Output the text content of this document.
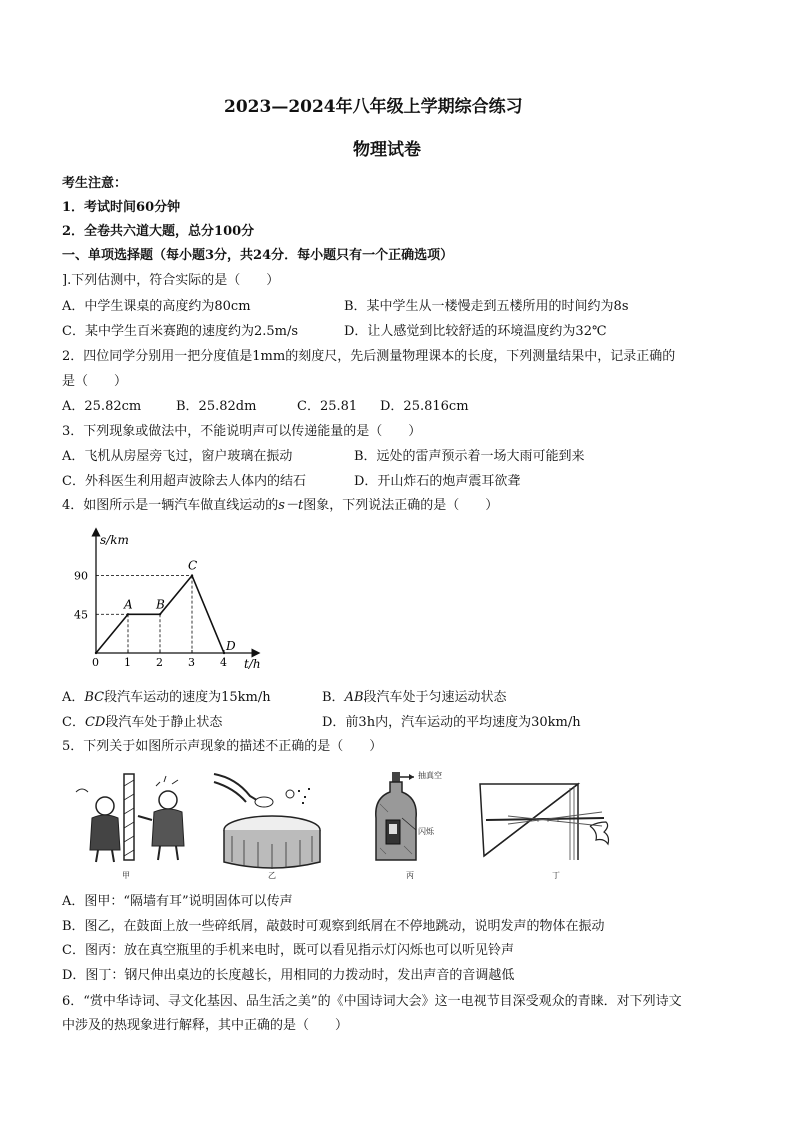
2023—2024年八年级上学期综合练习
物理试卷
考生注意：
1．考试时间60分钟
2．全卷共六道大题，总分100分
一、单项选择题（每小题3分，共24分．每小题只有一个正确选项）
].下列估测中，符合实际的是（　　）
A．中学生课桌的高度约为80cm	B．某中学生从一楼慢走到五楼所用的时间约为8s
C．某中学生百米赛跑的速度约为2.5m/s	D．让人感觉到比较舒适的环境温度约为32℃
2．四位同学分别用一把分度值是1mm的刻度尺，先后测量物理课本的长度，下列测量结果中，记录正确的
是（　　）
A．25.82cm	B．25.82dm	C．25.81 D．25.816cm
3．下列现象或做法中，不能说明声可以传递能量的是（　　）
A．飞机从房屋旁飞过，窗户玻璃在振动	B．远处的雷声预示着一场大雨可能到来
C．外科医生利用超声波除去人体内的结石	D．开山炸石的炮声震耳欲聋
4．如图所示是一辆汽车做直线运动的s－t图象，下列说法正确的是（　　）
0 1 2 3 4
45
90
A B
C
D
s/km
t/h
A．BC段汽车运动的速度为15km/h	B．AB段汽车处于匀速运动状态
C．CD段汽车处于静止状态	D．前3h内，汽车运动的平均速度为30km/h
5．下列关于如图所示声现象的描述不正确的是（　　）
甲	乙
抽真空
闪烁
丙	丁
A．图甲：“隔墙有耳”说明固体可以传声
B．图乙，在鼓面上放一些碎纸屑，敲鼓时可观察到纸屑在不停地跳动，说明发声的物体在振动
C．图丙：放在真空瓶里的手机来电时，既可以看见指示灯闪烁也可以听见铃声
D．图丁：钢尺伸出桌边的长度越长，用相同的力拨动时，发出声音的音调越低
6．“赏中华诗词、寻文化基因、品生活之美”的《中国诗词大会》这一电视节目深受观众的青睐．对下列诗文
中涉及的热现象进行解释，其中正确的是（　　）
